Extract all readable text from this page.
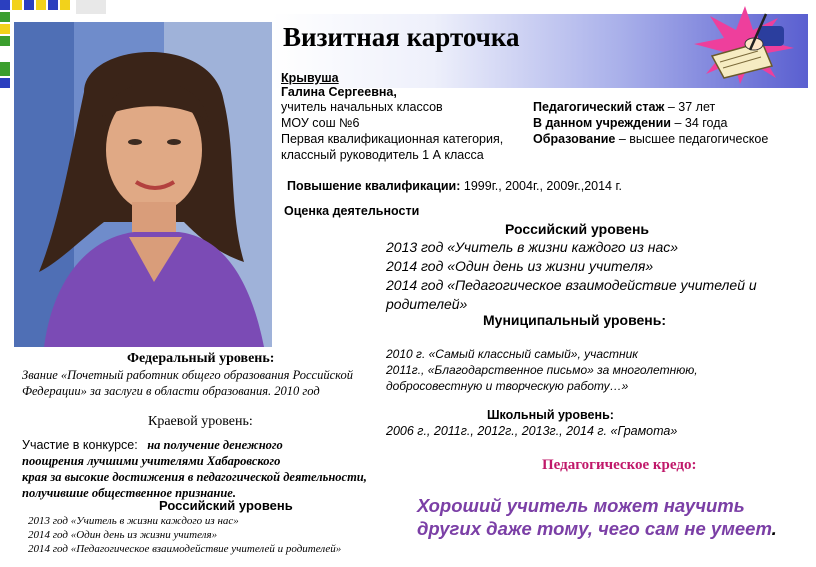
Визитная карточка
Крывуша
Галина Сергеевна,
учитель начальных классов
МОУ сош №6
Первая квалификационная категория,
классный руководитель 1 А класса
Педагогический стаж – 37 лет
В данном учреждении – 34 года
Образование – высшее педагогическое
Повышение квалификации: 1999г., 2004г., 2009г.,2014 г.
Оценка деятельности
Российский уровень
2013 год «Учитель в жизни каждого из нас»
2014 год «Один день из жизни учителя»
2014 год «Педагогическое взаимодействие учителей и
родителей»
Муниципальный уровень:
2010 г. «Самый классный самый», участник
2011г., «Благодарственное письмо» за многолетнюю,
добросовестную и творческую работу…»
Школьный уровень:
2006 г., 2011г., 2012г., 2013г., 2014 г. «Грамота»
Федеральный уровень:
Звание «Почетный работник общего образования Российской
Федерации» за заслуги в области образования. 2010 год
Краевой уровень:
Участие в конкурсе: на получение денежного
поощрения лучшими учителями Хабаровского
края за высокие достижения в педагогической деятельности,
получившие общественное признание.
Российский уровень
2013 год «Учитель в жизни каждого из нас»
2014 год «Один день из жизни учителя»
2014 год «Педагогическое взаимодействие учителей и родителей»
Педагогическое кредо:
Хороший учитель может научить
других даже тому, чего сам не умеет.
